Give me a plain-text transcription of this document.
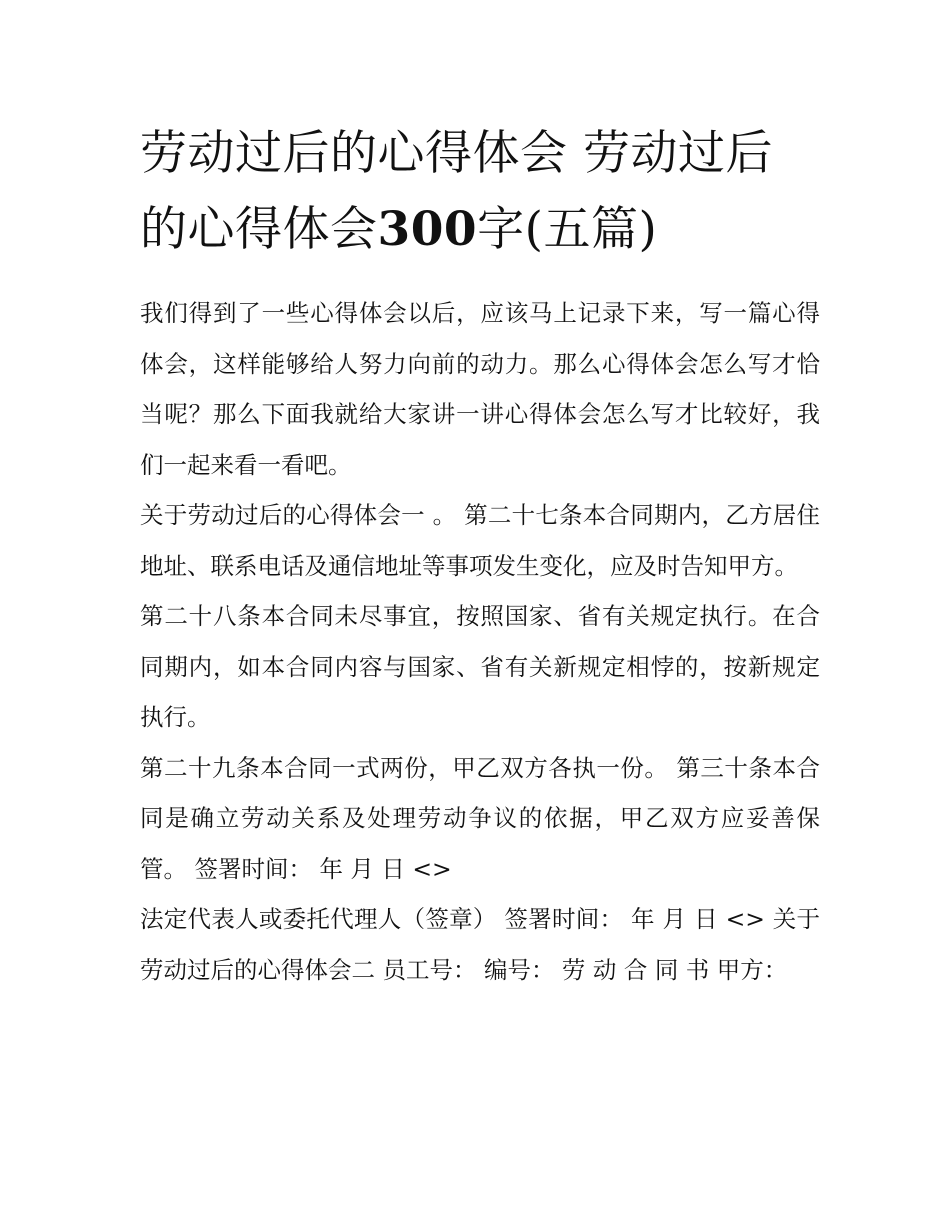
劳动过后的心得体会 劳动过后的心得体会300字(五篇)

我们得到了一些心得体会以后，应该马上记录下来，写一篇心得体会，这样能够给人努力向前的动力。那么心得体会怎么写才恰当呢？那么下面我就给大家讲一讲心得体会怎么写才比较好，我们一起来看一看吧。

关于劳动过后的心得体会一 。 第二十七条本合同期内，乙方居住地址、联系电话及通信地址等事项发生变化，应及时告知甲方。

第二十八条本合同未尽事宜，按照国家、省有关规定执行。在合同期内，如本合同内容与国家、省有关新规定相悖的，按新规定执行。

第二十九条本合同一式两份，甲乙双方各执一份。 第三十条本合同是确立劳动关系及处理劳动争议的依据，甲乙双方应妥善保管。 签署时间： 年 月 日 <>

法定代表人或委托代理人（签章） 签署时间： 年 月 日 <> 关于劳动过后的心得体会二 员工号： 编号： 劳 动 合 同 书 甲方：
